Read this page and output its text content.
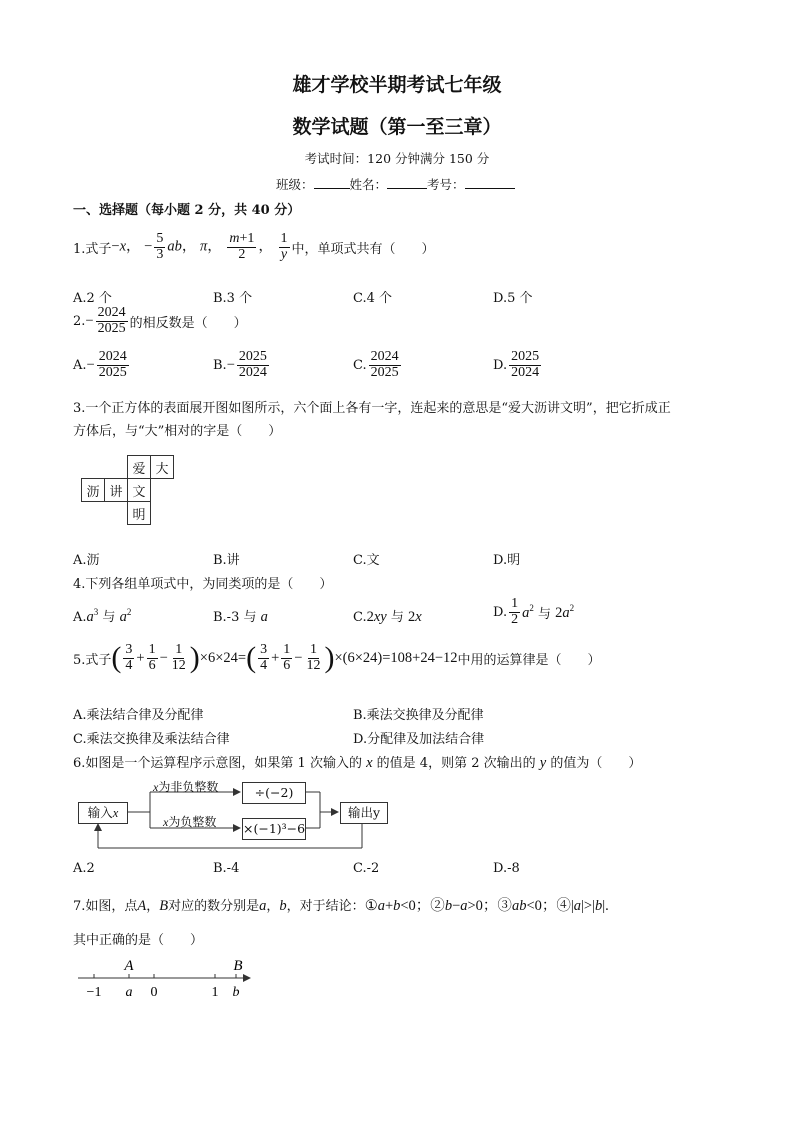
雄才学校半期考试七年级
数学试题（第一至三章）
考试时间：120 分钟满分 150 分
班级：	姓名：	考号：
一、选择题（每小题 2 分，共 40 分）
1.式子 −x， − $\frac{5}{3}$ ab， π， $\frac{m+1}{2}$ ， $\frac{1}{y}$ 中，单项式共有（　　）
A.2 个	B.3 个	C.4 个	D.5 个
2. − $\frac{2024}{2025}$ 的相反数是（　　）
A. − $\frac{2024}{2025}$	B. − $\frac{2025}{2024}$	C. $\frac{2024}{2025}$	D. $\frac{2025}{2024}$
3.一个正方体的表面展开图如图所示，六个面上各有一字，连起来的意思是“爱大沥讲文明”，把它折成正
方体后，与“大”相对的字是（　　）
		爱	大
沥	讲	文	
		明	
A.沥	B.讲	C.文	D.明
4.下列各组单项式中，为同类项的是（　　）
$A.a^3$ 与 $a^2$	B.-3 与 a	C.2xy 与 2x	D. $\frac{1}{2} a^2$
与
$2a^2$
5.式子 ( $\frac{3}{4} + \frac{1}{6} - \frac{1}{12}$ ) ×6×24= ( $\frac{3}{4} + \frac{1}{6} - \frac{1}{12}$ ) ×(6×24)=108+24−12 中用的运算律是（　　）
A.乘法结合律及分配律	B.乘法交换律及分配律
C.乘法交换律及乘法结合律	D.分配律及加法结合律
6.如图是一个运算程序示意图，如果第 1 次输入的 x 的值是 4，则第 2 次输出的 y 的值为（　　）
输入x
x为非负整数
x为负整数
÷(−2)
×(−1)³−6
输出y
A.2	B.-4	C.-2	D.-8
7.如图，点A，B对应的数分别是a，b，对于结论：①a+b<0；②b−a>0；③ab<0；④|a|>|b|.
其中正确的是（　　）
A	B
−1 a 0	1 b
